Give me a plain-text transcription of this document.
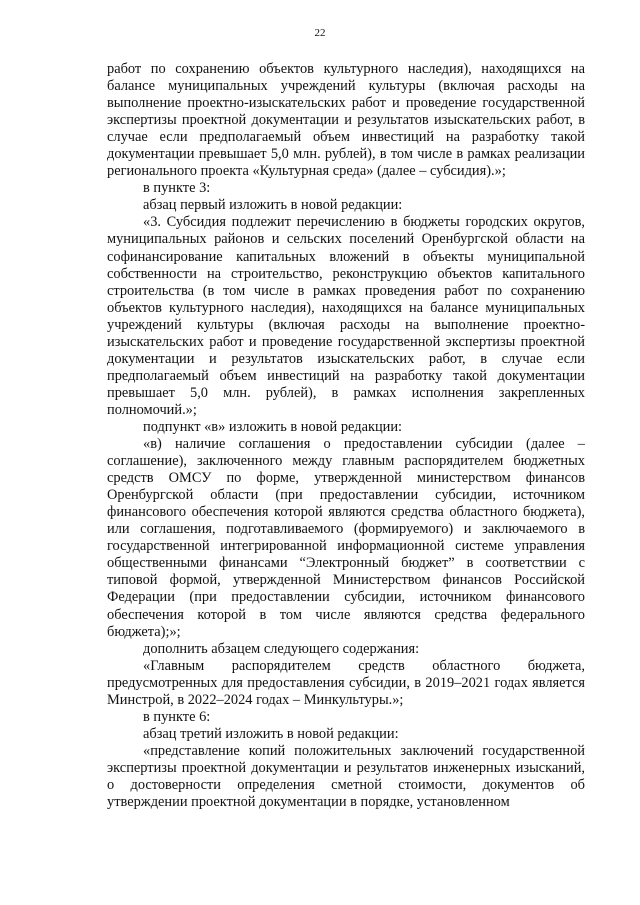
22

работ по сохранению объектов культурного наследия), находящихся на балансе муниципальных учреждений культуры (включая расходы на выполнение проектно-изыскательских работ и проведение государственной экспертизы проектной документации и результатов изыскательских работ, в случае если предполагаемый объем инвестиций на разработку такой документации превышает 5,0 млн. рублей), в том числе в рамках реализации регионального проекта «Культурная среда» (далее – субсидия).»;

в пункте 3:

абзац первый изложить в новой редакции:

«3. Субсидия подлежит перечислению в бюджеты городских округов, муниципальных районов и сельских поселений Оренбургской области на софинансирование капитальных вложений в объекты муниципальной собственности на строительство, реконструкцию объектов капитального строительства (в том числе в рамках проведения работ по сохранению объектов культурного наследия), находящихся на балансе муниципальных учреждений культуры (включая расходы на выполнение проектно-изыскательских работ и проведение государственной экспертизы проектной документации и результатов изыскательских работ, в случае если предполагаемый объем инвестиций на разработку такой документации превышает 5,0 млн. рублей), в рамках исполнения закрепленных полномочий.»;

подпункт «в» изложить в новой редакции:

«в) наличие соглашения о предоставлении субсидии (далее – соглашение), заключенного между главным распорядителем бюджетных средств ОМСУ по форме, утвержденной министерством финансов Оренбургской области (при предоставлении субсидии, источником финансового обеспечения которой являются средства областного бюджета), или соглашения, подготавливаемого (формируемого) и заключаемого в государственной интегрированной информационной системе управления общественными финансами “Электронный бюджет” в соответствии с типовой формой, утвержденной Министерством финансов Российской Федерации (при предоставлении субсидии, источником финансового обеспечения которой в том числе являются средства федерального бюджета);»;

дополнить абзацем следующего содержания:

«Главным распорядителем средств областного бюджета, предусмотренных для предоставления субсидии, в 2019–2021 годах является Минстрой, в 2022–2024 годах – Минкультуры.»;

в пункте 6:

абзац третий изложить в новой редакции:

«представление копий положительных заключений государственной экспертизы проектной документации и результатов инженерных изысканий, о достоверности определения сметной стоимости, документов об утверждении проектной документации в порядке, установленном
